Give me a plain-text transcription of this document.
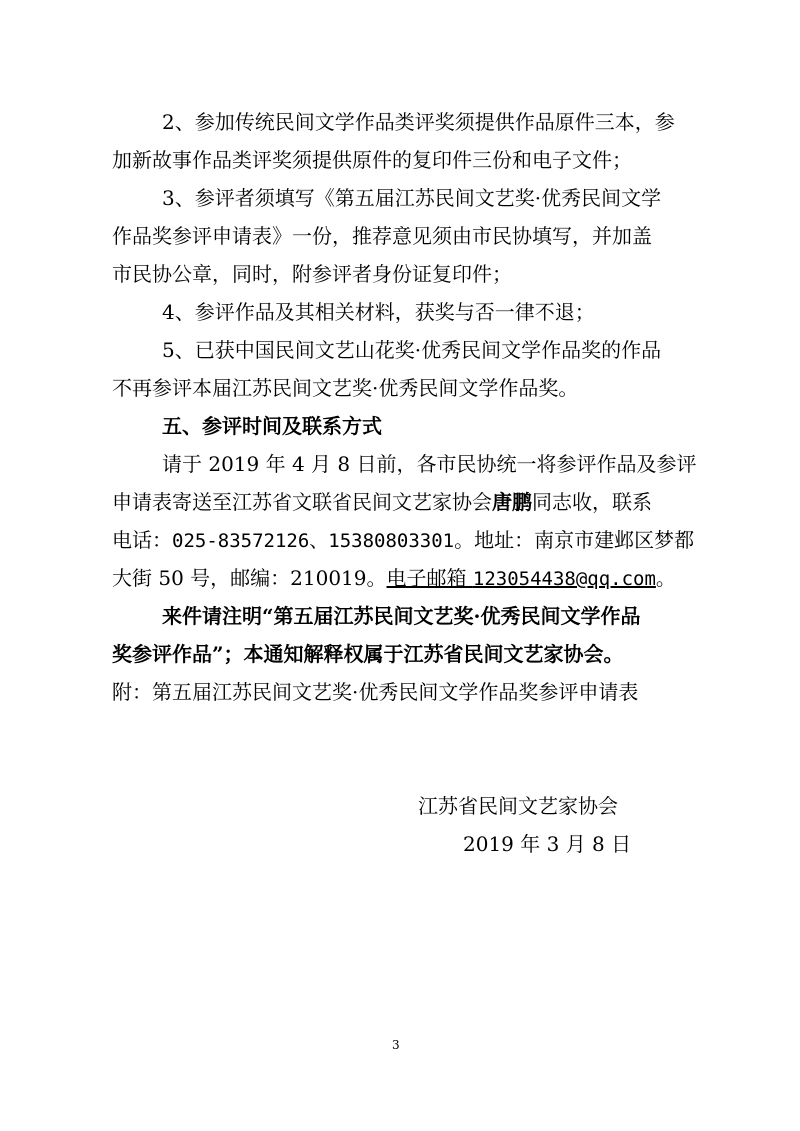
2、参加传统民间文学作品类评奖须提供作品原件三本，参
加新故事作品类评奖须提供原件的复印件三份和电子文件；
3、参评者须填写《第五届江苏民间文艺奖·优秀民间文学
作品奖参评申请表》一份，推荐意见须由市民协填写，并加盖
市民协公章，同时，附参评者身份证复印件；
4、参评作品及其相关材料，获奖与否一律不退；
5、已获中国民间文艺山花奖·优秀民间文学作品奖的作品
不再参评本届江苏民间文艺奖·优秀民间文学作品奖。
五、参评时间及联系方式
请于 2019 年 4 月 8 日前，各市民协统一将参评作品及参评
申请表寄送至江苏省文联省民间文艺家协会唐鹏同志收，联系
电话：025-83572126、15380803301。地址：南京市建邺区梦都
大街 50 号，邮编：210019。电子邮箱 123054438@qq.com。
来件请注明“第五届江苏民间文艺奖·优秀民间文学作品
奖参评作品”；本通知解释权属于江苏省民间文艺家协会。
附：第五届江苏民间文艺奖·优秀民间文学作品奖参评申请表
江苏省民间文艺家协会
2019 年 3 月 8 日
3
